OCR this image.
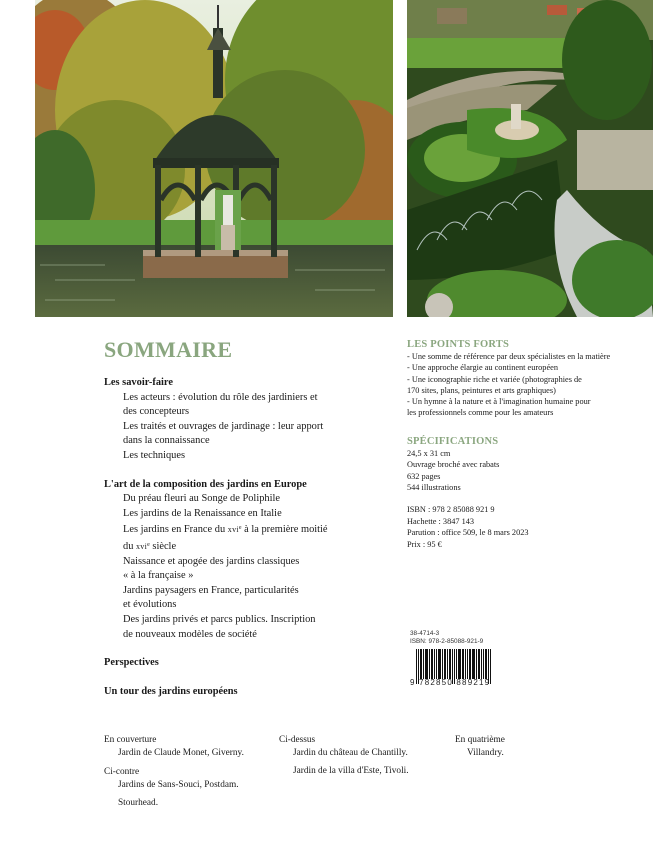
SOMMAIRE
Les savoir-faire
Les acteurs : évolution du rôle des jardiniers et
des concepteurs
Les traités et ouvrages de jardinage : leur apport
dans la connaissance
Les techniques
L'art de la composition des jardins en Europe
Du préau fleuri au Songe de Poliphile
Les jardins de la Renaissance en Italie
Les jardins en France du xvi$^e$ à la première moitié
du xvi$^e$ siècle
Naissance et apogée des jardins classiques
« à la française »
Jardins paysagers en France, particularités
et évolutions
Des jardins privés et parcs publics. Inscription
de nouveaux modèles de société
Perspectives
Un tour des jardins européens
LES POINTS FORTS
- Une somme de référence par deux spécialistes en la matière
- Une approche élargie au continent européen
- Une iconographie riche et variée (photographies de
170 sites, plans, peintures et arts graphiques)
- Un hymne à la nature et à l'imagination humaine pour
les professionnels comme pour les amateurs
SPÉCIFICATIONS
24,5 x 31 cm
Ouvrage broché avec rabats
632 pages
544 illustrations
ISBN : 978 2 85088 921 9
Hachette : 3847 143
Parution : office 509, le 8 mars 2023
Prix : 95 €
38-4714-3
ISBN: 978-2-85088-921-9
9 782850 889219
En couverture
Jardin de Claude Monet, Giverny.
Ci-contre
Jardins de Sans-Souci, Postdam.
Stourhead.
Ci-dessus
Jardin du château de Chantilly.
Jardin de la villa d'Este, Tivoli.
En quatrième
Villandry.
